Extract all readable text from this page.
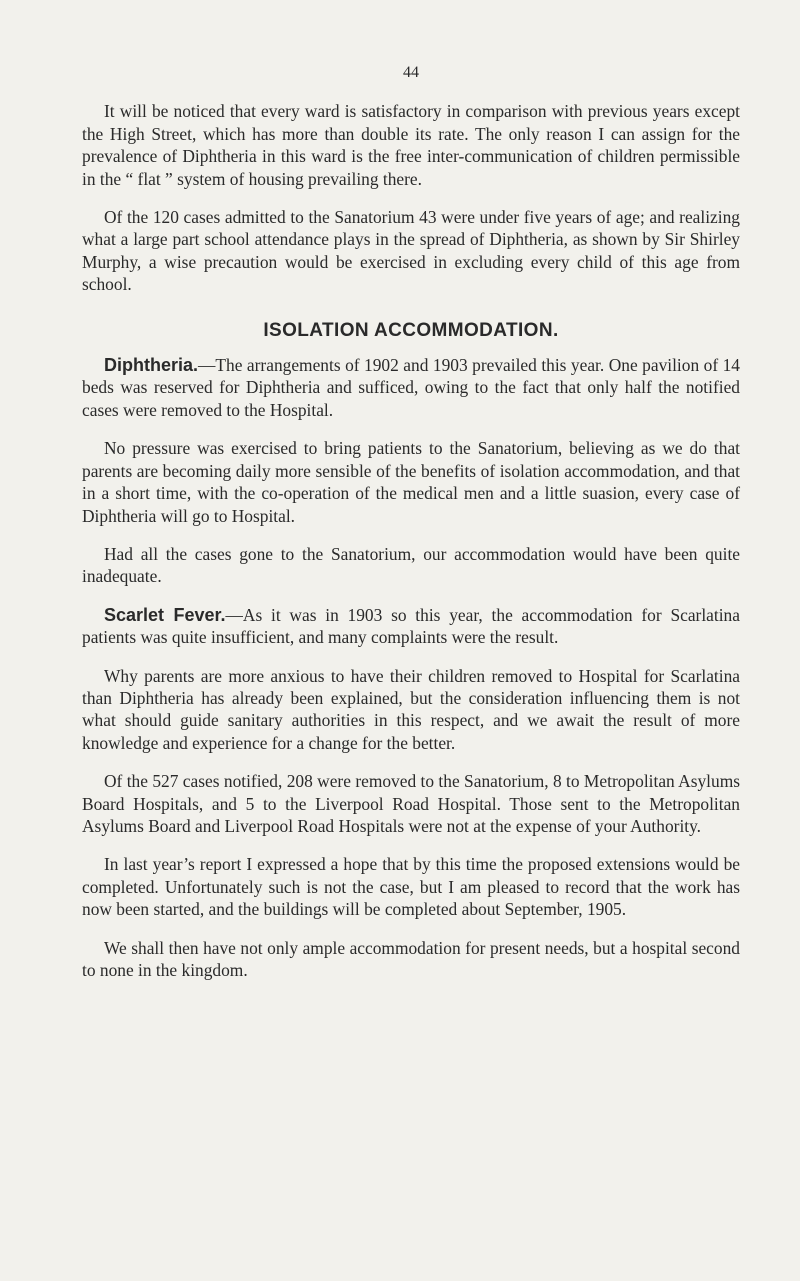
44

It will be noticed that every ward is satisfactory in comparison with previous years except the High Street, which has more than double its rate. The only reason I can assign for the prevalence of Diphtheria in this ward is the free inter-communication of children permissible in the “ flat ” system of housing prevailing there.

Of the 120 cases admitted to the Sanatorium 43 were under five years of age; and realizing what a large part school attendance plays in the spread of Diphtheria, as shown by Sir Shirley Murphy, a wise precaution would be exercised in excluding every child of this age from school.

ISOLATION ACCOMMODATION.

Diphtheria.—The arrangements of 1902 and 1903 prevailed this year. One pavilion of 14 beds was reserved for Diphtheria and sufficed, owing to the fact that only half the notified cases were removed to the Hospital.

No pressure was exercised to bring patients to the Sanatorium, believing as we do that parents are becoming daily more sensible of the benefits of isolation accommodation, and that in a short time, with the co-operation of the medical men and a little suasion, every case of Diphtheria will go to Hospital.

Had all the cases gone to the Sanatorium, our accommodation would have been quite inadequate.

Scarlet Fever.—As it was in 1903 so this year, the accommodation for Scarlatina patients was quite insufficient, and many complaints were the result.

Why parents are more anxious to have their children removed to Hospital for Scarlatina than Diphtheria has already been explained, but the consideration influencing them is not what should guide sanitary authorities in this respect, and we await the result of more knowledge and experience for a change for the better.

Of the 527 cases notified, 208 were removed to the Sanatorium, 8 to Metropolitan Asylums Board Hospitals, and 5 to the Liverpool Road Hospital. Those sent to the Metropolitan Asylums Board and Liverpool Road Hospitals were not at the expense of your Authority.

In last year’s report I expressed a hope that by this time the proposed extensions would be completed. Unfortunately such is not the case, but I am pleased to record that the work has now been started, and the buildings will be completed about September, 1905.

We shall then have not only ample accommodation for present needs, but a hospital second to none in the kingdom.
